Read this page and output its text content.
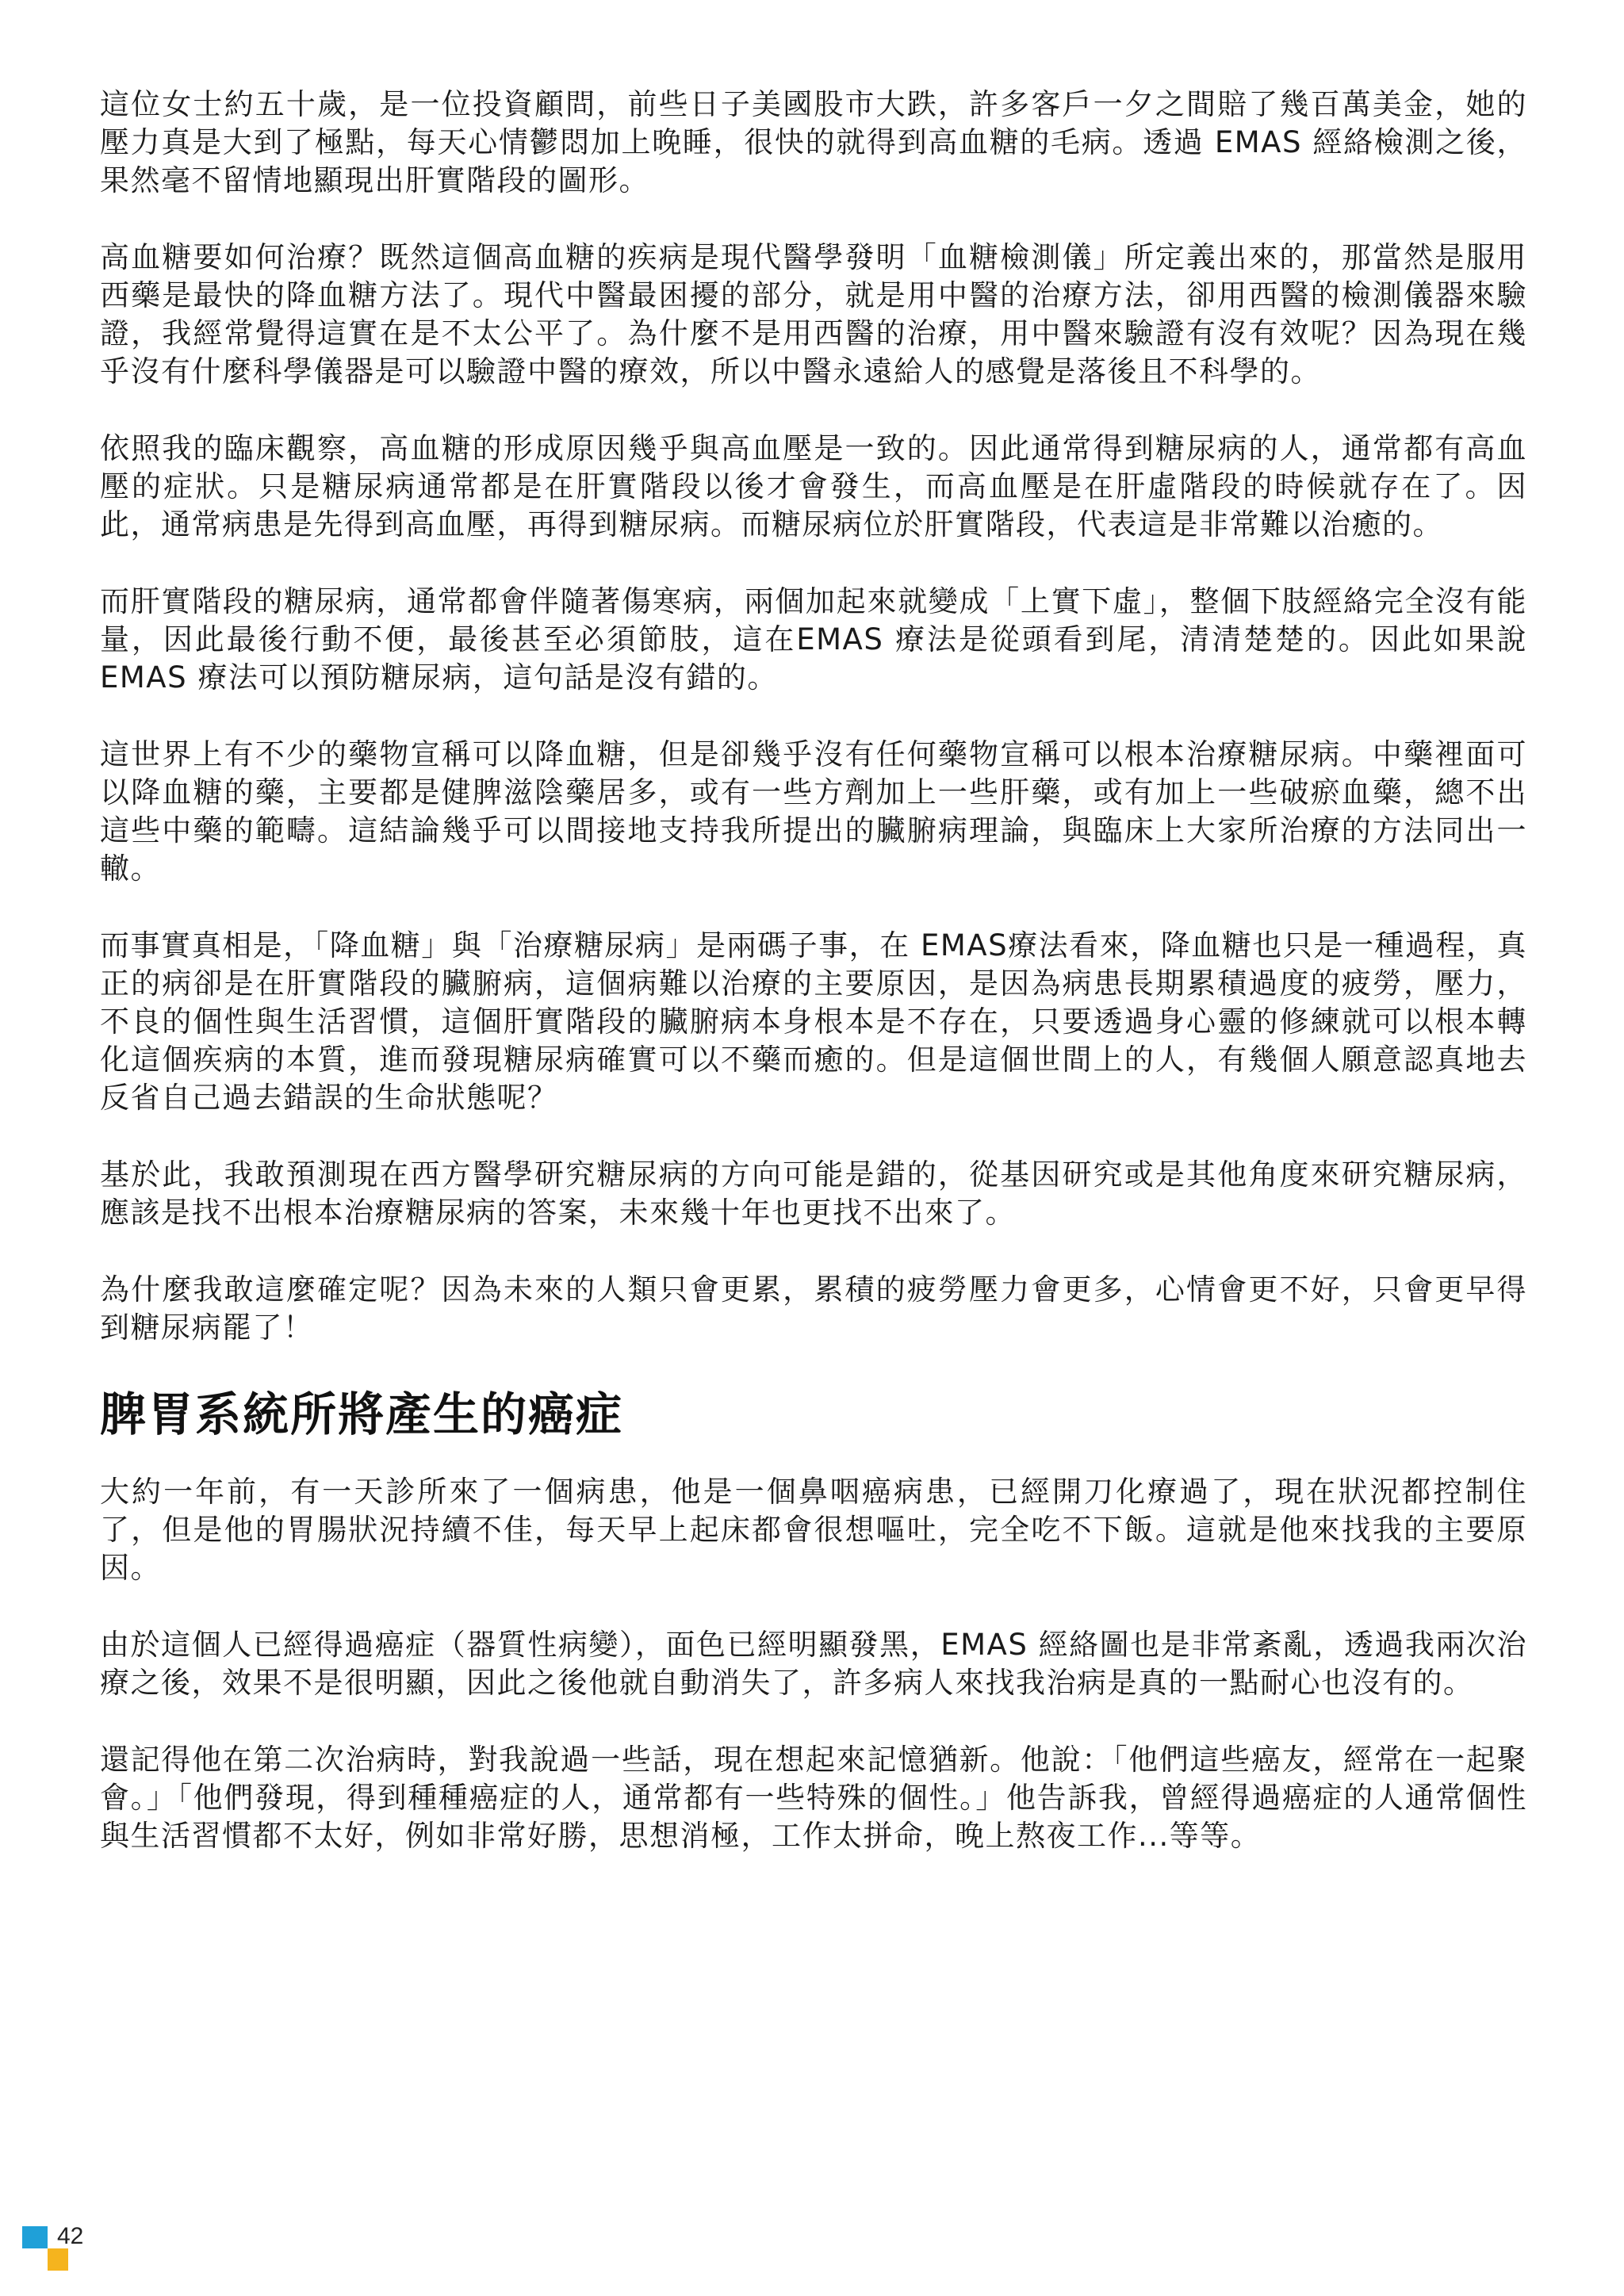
這位女士約五十歲，是一位投資顧問，前些日子美國股市大跌，許多客戶一夕之間賠了幾百萬美金，她的壓力真是大到了極點，每天心情鬱悶加上晚睡，很快的就得到高血糖的毛病。透過 EMAS 經絡檢測之後，果然毫不留情地顯現出肝實階段的圖形。

高血糖要如何治療？既然這個高血糖的疾病是現代醫學發明「血糖檢測儀」所定義出來的，那當然是服用西藥是最快的降血糖方法了。現代中醫最困擾的部分，就是用中醫的治療方法，卻用西醫的檢測儀器來驗證，我經常覺得這實在是不太公平了。為什麼不是用西醫的治療，用中醫來驗證有沒有效呢？因為現在幾乎沒有什麼科學儀器是可以驗證中醫的療效，所以中醫永遠給人的感覺是落後且不科學的。

依照我的臨床觀察，高血糖的形成原因幾乎與高血壓是一致的。因此通常得到糖尿病的人，通常都有高血壓的症狀。只是糖尿病通常都是在肝實階段以後才會發生，而高血壓是在肝虛階段的時候就存在了。因此，通常病患是先得到高血壓，再得到糖尿病。而糖尿病位於肝實階段，代表這是非常難以治癒的。

而肝實階段的糖尿病，通常都會伴隨著傷寒病，兩個加起來就變成「上實下虛」，整個下肢經絡完全沒有能量，因此最後行動不便，最後甚至必須節肢，這在EMAS 療法是從頭看到尾，清清楚楚的。因此如果說 EMAS 療法可以預防糖尿病，這句話是沒有錯的。

這世界上有不少的藥物宣稱可以降血糖，但是卻幾乎沒有任何藥物宣稱可以根本治療糖尿病。中藥裡面可以降血糖的藥，主要都是健脾滋陰藥居多，或有一些方劑加上一些肝藥，或有加上一些破瘀血藥，總不出這些中藥的範疇。這結論幾乎可以間接地支持我所提出的臟腑病理論，與臨床上大家所治療的方法同出一轍。

而事實真相是，「降血糖」與「治療糖尿病」是兩碼子事，在 EMAS療法看來，降血糖也只是一種過程，真正的病卻是在肝實階段的臟腑病，這個病難以治療的主要原因，是因為病患長期累積過度的疲勞，壓力，不良的個性與生活習慣，這個肝實階段的臟腑病本身根本是不存在，只要透過身心靈的修練就可以根本轉化這個疾病的本質，進而發現糖尿病確實可以不藥而癒的。但是這個世間上的人，有幾個人願意認真地去反省自己過去錯誤的生命狀態呢？

基於此，我敢預測現在西方醫學研究糖尿病的方向可能是錯的，從基因研究或是其他角度來研究糖尿病，應該是找不出根本治療糖尿病的答案，未來幾十年也更找不出來了。

為什麼我敢這麼確定呢？因為未來的人類只會更累，累積的疲勞壓力會更多，心情會更不好，只會更早得到糖尿病罷了！

脾胃系統所將產生的癌症

大約一年前，有一天診所來了一個病患，他是一個鼻咽癌病患，已經開刀化療過了，現在狀況都控制住了，但是他的胃腸狀況持續不佳，每天早上起床都會很想嘔吐，完全吃不下飯。這就是他來找我的主要原因。

由於這個人已經得過癌症（器質性病變），面色已經明顯發黑，EMAS 經絡圖也是非常紊亂，透過我兩次治療之後，效果不是很明顯，因此之後他就自動消失了，許多病人來找我治病是真的一點耐心也沒有的。

還記得他在第二次治病時，對我說過一些話，現在想起來記憶猶新。他說：「他們這些癌友，經常在一起聚會。」「他們發現，得到種種癌症的人，通常都有一些特殊的個性。」他告訴我，曾經得過癌症的人通常個性與生活習慣都不太好，例如非常好勝，思想消極，工作太拼命，晚上熬夜工作...等等。

42
